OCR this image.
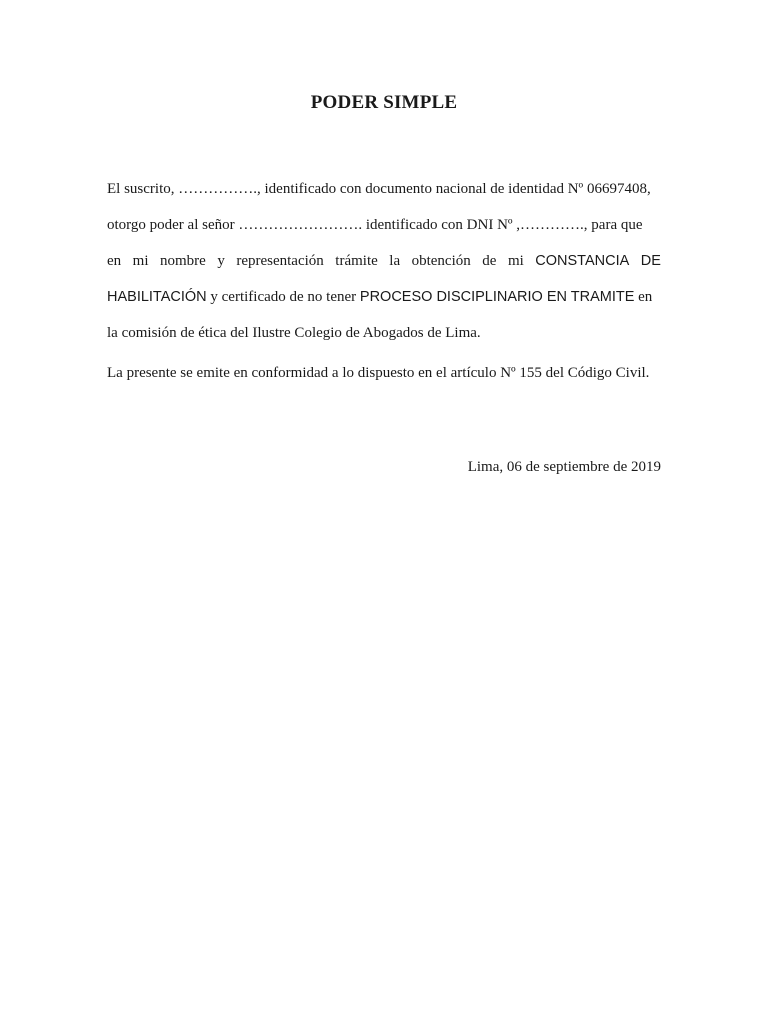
PODER SIMPLE
El suscrito, ……………., identificado con documento nacional de identidad Nº 06697408,
otorgo poder al señor ……………………. identificado con DNI Nº ,…………., para que
en mi nombre y representación trámite la obtención de mi CONSTANCIA DE
HABILITACIÓN y certificado de no tener PROCESO DISCIPLINARIO EN TRAMITE en
la comisión de ética del Ilustre Colegio de Abogados de Lima.
La presente se emite en conformidad a lo dispuesto en el artículo Nº 155 del Código Civil.
Lima, 06 de septiembre de 2019
